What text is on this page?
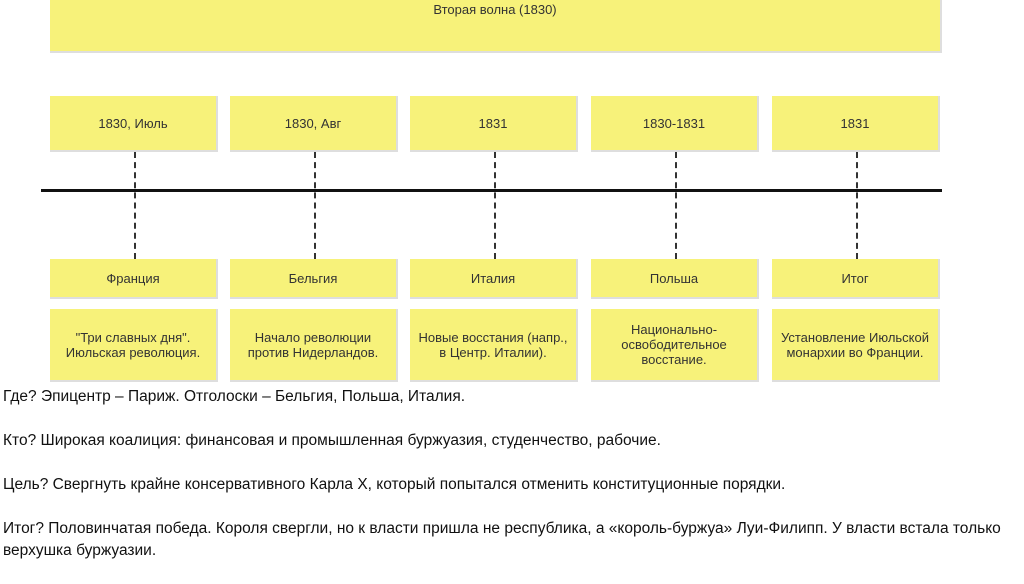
Вторая волна (1830)
1830, Июль
Франция
"Три славных дня". Июльская революция.
1830, Авг
Бельгия
Начало революции против Нидерландов.
1831
Италия
Новые восстания (напр., в Центр. Италии).
1830-1831
Польша
Национально-освободительное восстание.
1831
Итог
Установление Июльской монархии во Франции.

Где? Эпицентр – Париж. Отголоски – Бельгия, Польша, Италия.

Кто? Широкая коалиция: финансовая и промышленная буржуазия, студенчество, рабочие.

Цель? Свергнуть крайне консервативного Карла X, который попытался отменить конституционные порядки.

Итог? Половинчатая победа. Короля свергли, но к власти пришла не республика, а «король-буржуа» Луи-Филипп. У власти встала только верхушка буржуазии.
